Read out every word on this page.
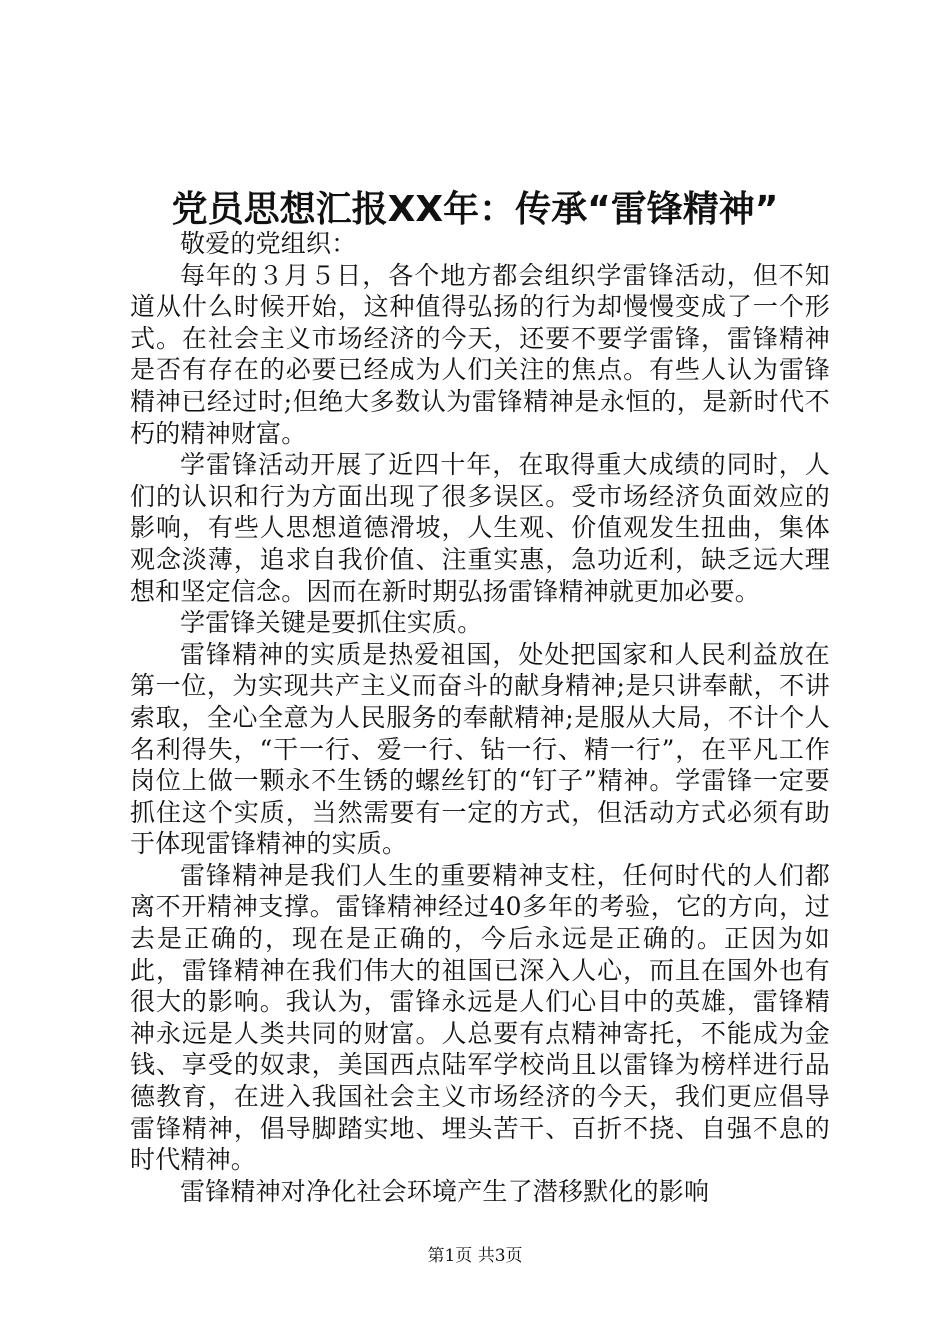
党员思想汇报XX年：传承“雷锋精神”

敬爱的党组织：

每年的３月５日，各个地方都会组织学雷锋活动，但不知道从什么时候开始，这种值得弘扬的行为却慢慢变成了一个形式。在社会主义市场经济的今天，还要不要学雷锋，雷锋精神是否有存在的必要已经成为人们关注的焦点。有些人认为雷锋精神已经过时;但绝大多数认为雷锋精神是永恒的，是新时代不朽的精神财富。

学雷锋活动开展了近四十年，在取得重大成绩的同时，人们的认识和行为方面出现了很多误区。受市场经济负面效应的影响，有些人思想道德滑坡，人生观、价值观发生扭曲，集体观念淡薄，追求自我价值、注重实惠，急功近利，缺乏远大理想和坚定信念。因而在新时期弘扬雷锋精神就更加必要。

学雷锋关键是要抓住实质。

雷锋精神的实质是热爱祖国，处处把国家和人民利益放在第一位，为实现共产主义而奋斗的献身精神;是只讲奉献，不讲索取，全心全意为人民服务的奉献精神;是服从大局，不计个人名利得失，“干一行、爱一行、钻一行、精一行”，在平凡工作岗位上做一颗永不生锈的螺丝钉的“钉子”精神。学雷锋一定要抓住这个实质，当然需要有一定的方式，但活动方式必须有助于体现雷锋精神的实质。

雷锋精神是我们人生的重要精神支柱，任何时代的人们都离不开精神支撑。雷锋精神经过40多年的考验，它的方向，过去是正确的，现在是正确的，今后永远是正确的。正因为如此，雷锋精神在我们伟大的祖国已深入人心，而且在国外也有很大的影响。我认为，雷锋永远是人们心目中的英雄，雷锋精神永远是人类共同的财富。人总要有点精神寄托，不能成为金钱、享受的奴隶，美国西点陆军学校尚且以雷锋为榜样进行品德教育，在进入我国社会主义市场经济的今天，我们更应倡导雷锋精神，倡导脚踏实地、埋头苦干、百折不挠、自强不息的时代精神。

雷锋精神对净化社会环境产生了潜移默化的影响

第1页 共3页
